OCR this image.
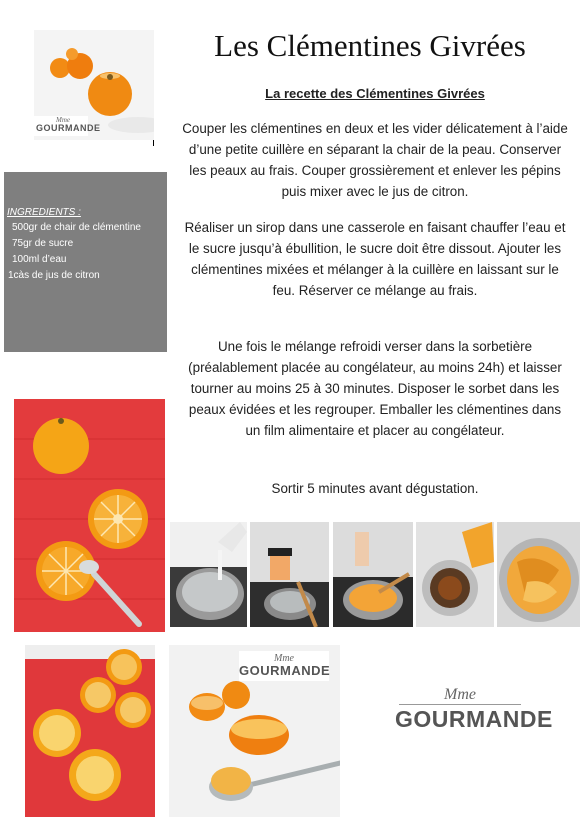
Les Clémentines Givrées
La recette des Clémentines Givrées
Couper les clémentines en deux et les vider délicatement à l’aide d’une petite cuillère en séparant la chair de la peau. Conserver les peaux au frais. Couper grossièrement et enlever les pépins puis mixer avec le jus de citron.
Réaliser un sirop dans une casserole en faisant chauffer l’eau et le sucre jusqu’à ébullition, le sucre doit être dissout. Ajouter les clémentines mixées et mélanger à la cuillère en laissant sur le feu. Réserver ce mélange au frais.
Une fois le mélange refroidi verser dans la sorbetière (préalablement placée au congélateur, au moins 24h) et laisser tourner au moins 25 à 30 minutes. Disposer le sorbet dans les peaux évidées et les regrouper. Emballer les clémentines dans un film alimentaire et placer au congélateur.
Sortir 5 minutes avant dégustation.
INGREDIENTS :
500gr de chair de clémentine
75gr de sucre
100ml d’eau
1càs de jus de citron
Mme
GOURMANDE
Mme
GOURMANDE
Mme
GOURMANDE
